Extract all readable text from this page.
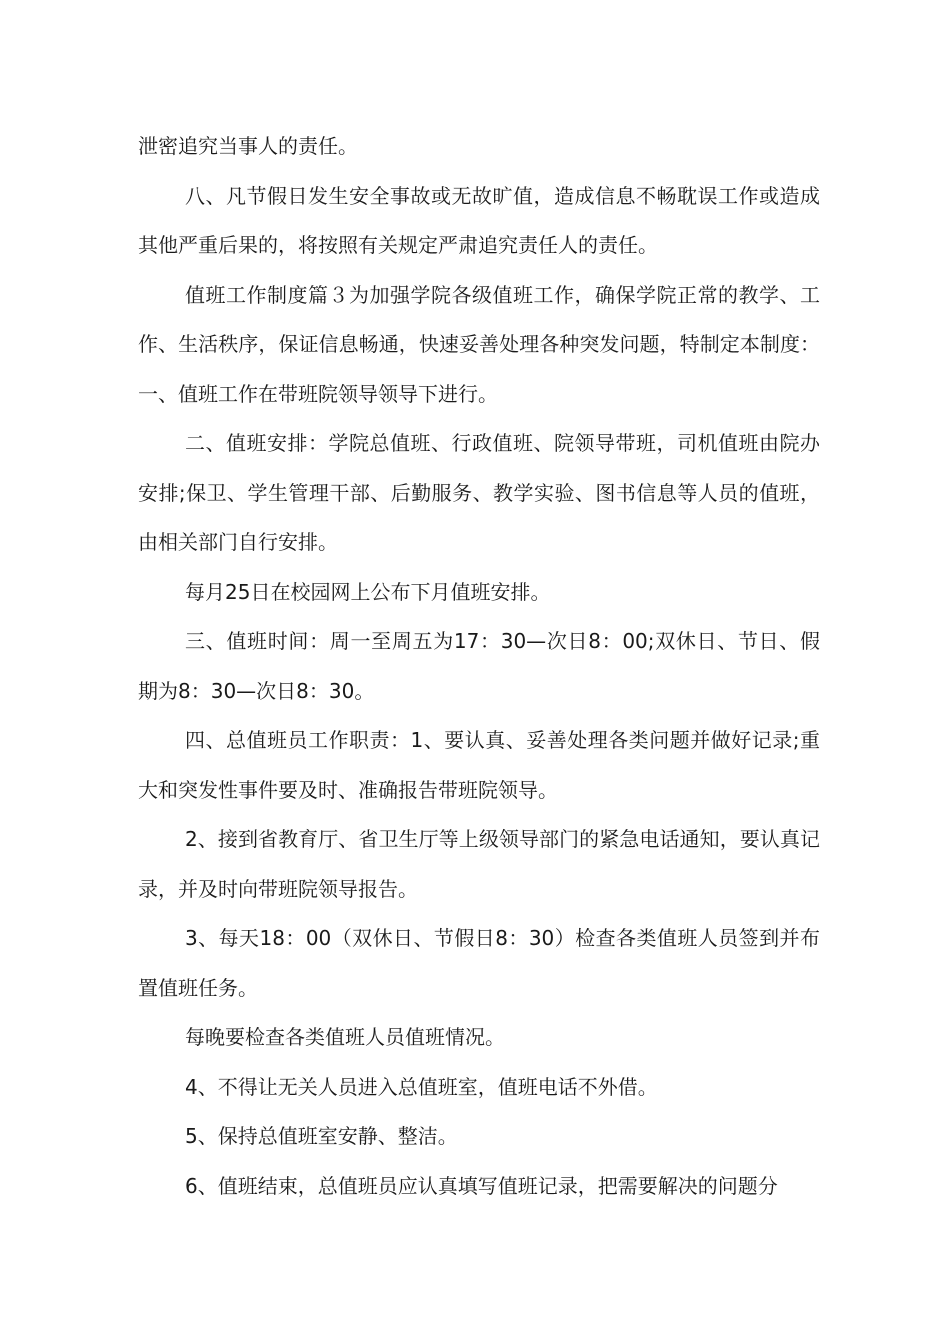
泄密追究当事人的责任。

八、凡节假日发生安全事故或无故旷值，造成信息不畅耽误工作或造成其他严重后果的，将按照有关规定严肃追究责任人的责任。

值班工作制度篇３为加强学院各级值班工作，确保学院正常的教学、工作、生活秩序，保证信息畅通，快速妥善处理各种突发问题，特制定本制度：一、值班工作在带班院领导领导下进行。

二、值班安排：学院总值班、行政值班、院领导带班，司机值班由院办安排;保卫、学生管理干部、后勤服务、教学实验、图书信息等人员的值班，由相关部门自行安排。

每月25日在校园网上公布下月值班安排。

三、值班时间：周一至周五为17：30—次日8：00;双休日、节日、假期为8：30—次日8：30。

四、总值班员工作职责：1、要认真、妥善处理各类问题并做好记录;重大和突发性事件要及时、准确报告带班院领导。

2、接到省教育厅、省卫生厅等上级领导部门的紧急电话通知，要认真记录，并及时向带班院领导报告。

3、每天18：00（双休日、节假日8：30）检查各类值班人员签到并布置值班任务。

每晚要检查各类值班人员值班情况。

4、不得让无关人员进入总值班室，值班电话不外借。

5、保持总值班室安静、整洁。

6、值班结束，总值班员应认真填写值班记录，把需要解决的问题分
